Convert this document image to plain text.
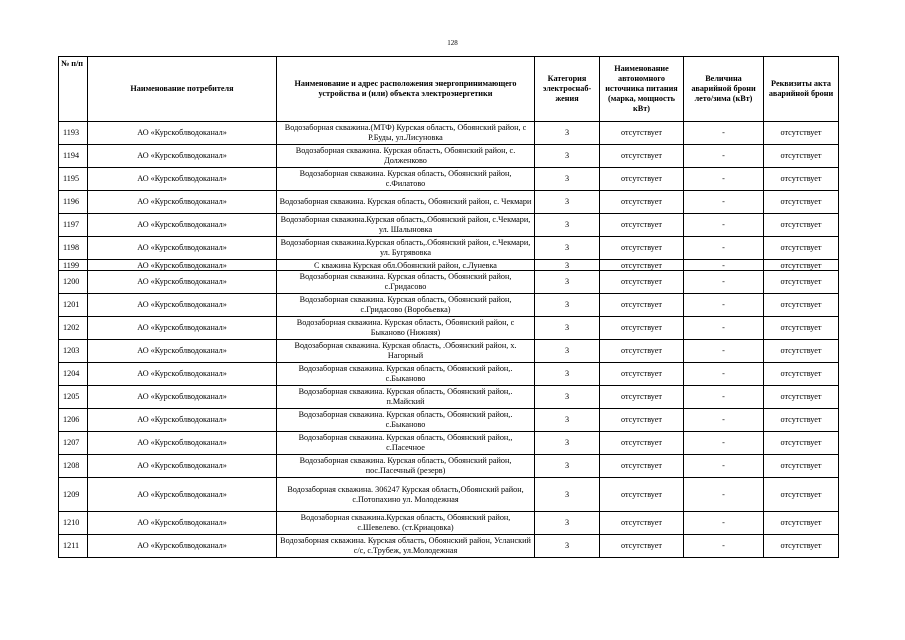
128
№ п/п	Наименование потребителя	Наименование и адрес расположения энергопринимающего устройства и (или) объекта электроэнергетики	Категория электроснаб-жения	Наименование автономного источника питания (марка, мощность кВт)	Величина аварийной брони лето/зима (кВт)	Реквизиты акта аварийной брони
1193	АО «Курскоблводоканал»	Водозаборная скважина.(МТФ) Курская область, Обоянский район, с Р.Буды, ул.Лисуновка	3	отсутствует	-	отсутствует
1194	АО «Курскоблводоканал»	Водозаборная скважина. Курская область, Обоянский район, с. Долженково	3	отсутствует	-	отсутствует
1195	АО «Курскоблводоканал»	Водозаборная скважина. Курская область, Обоянский район, с.Филатово	3	отсутствует	-	отсутствует
1196	АО «Курскоблводоканал»	Водозаборная скважина. Курская область, Обоянский район, с. Чекмари	3	отсутствует	-	отсутствует
1197	АО «Курскоблводоканал»	Водозаборная скважина.Курская область,.Обоянский район, с.Чекмари, ул. Шалыновка	3	отсутствует	-	отсутствует
1198	АО «Курскоблводоканал»	Водозаборная скважина.Курская область,.Обоянский район, с.Чекмари, ул. Бугрявовка	3	отсутствует	-	отсутствует
1199	АО «Курскоблводоканал»	С кважина Курская обл.Обоянский район, с.Луневка	3	отсутствует	-	отсутствует
1200	АО «Курскоблводоканал»	Водозаборная скважина. Курская область, Обоянский район, с.Гридасово	3	отсутствует	-	отсутствует
1201	АО «Курскоблводоканал»	Водозаборная скважина. Курская область, Обоянский район, с.Гридасово (Воробьевка)	3	отсутствует	-	отсутствует
1202	АО «Курскоблводоканал»	Водозаборная скважина. Курская область, Обоянский район, с Быканово (Нижняя)	3	отсутствует	-	отсутствует
1203	АО «Курскоблводоканал»	Водозаборная скважина. Курская область, .Обоянский район, х. Нагорный	3	отсутствует	-	отсутствует
1204	АО «Курскоблводоканал»	Водозаборная скважина. Курская область, Обоянский район,. с.Быканово	3	отсутствует	-	отсутствует
1205	АО «Курскоблводоканал»	Водозаборная скважина. Курская область, Обоянский район,. п.Майский	3	отсутствует	-	отсутствует
1206	АО «Курскоблводоканал»	Водозаборная скважина. Курская область, Обоянский район,. с.Быканово	3	отсутствует	-	отсутствует
1207	АО «Курскоблводоканал»	Водозаборная скважина. Курская область, Обоянский район,, с.Пасечное	3	отсутствует	-	отсутствует
1208	АО «Курскоблводоканал»	Водозаборная скважина. Курская область, Обоянский район, пос.Пасечный (резерв)	3	отсутствует	-	отсутствует
1209	АО «Курскоблводоканал»	Водозаборная скважина. 306247 Курская область,Обоянский район, с.Потопахино ул. Молодежная	3	отсутствует	-	отсутствует
1210	АО «Курскоблводоканал»	Водозаборная скважина.Курская область, Обоянский район, с.Шевелево. (ст.Криацовка)	3	отсутствует	-	отсутствует
1211	АО «Курскоблводоканал»	Водозаборная скважина. Курская область, Обоянский район, Усланский с/с, с.Трубеж, ул.Молодежная	3	отсутствует	-	отсутствует
